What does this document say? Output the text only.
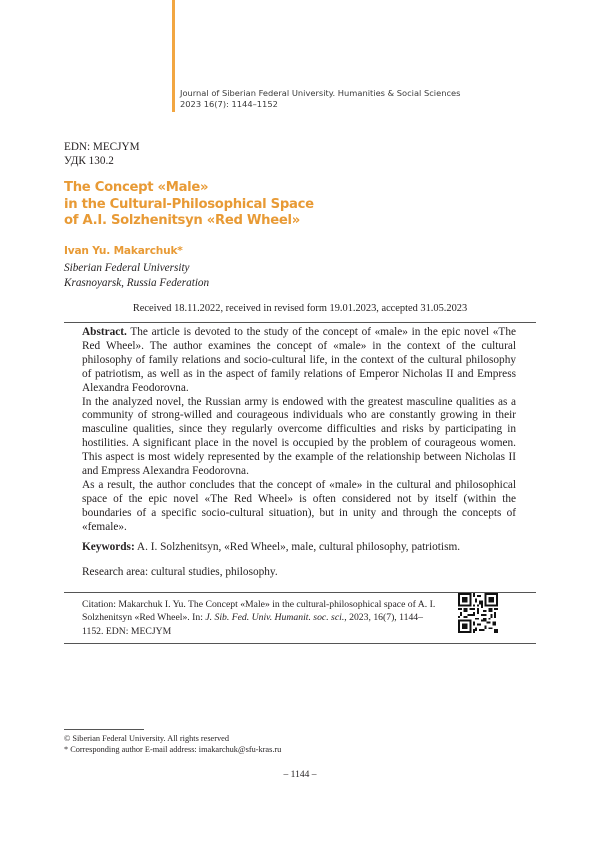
Journal of Siberian Federal University. Humanities & Social Sciences
2023 16(7): 1144–1152
EDN: MECJYM
УДК 130.2
The Concept «Male»
in the Cultural-Philosophical Space
of A.I. Solzhenitsyn «Red Wheel»
Ivan Yu. Makarchuk*
Siberian Federal University
Krasnoyarsk, Russia Federation
Received 18.11.2022, received in revised form 19.01.2023, accepted 31.05.2023

Abstract. The article is devoted to the study of the concept of «male» in the epic novel «The Red Wheel». The author examines the concept of «male» in the context of the cultural philosophy of family relations and socio-cultural life, in the context of the cultural philosophy of patriotism, as well as in the aspect of family relations of Emperor Nicholas II and Empress Alexandra Feodorovna.

In the analyzed novel, the Russian army is endowed with the greatest masculine qualities as a community of strong-willed and courageous individuals who are constantly growing in their masculine qualities, since they regularly overcome difficulties and risks by participating in hostilities. A significant place in the novel is occupied by the problem of courageous women. This aspect is most widely represented by the example of the relationship between Nicholas II and Empress Alexandra Feodorovna.

As a result, the author concludes that the concept of «male» in the cultural and philosophical space of the epic novel «The Red Wheel» is often considered not by itself (within the boundaries of a specific socio-cultural situation), but in unity and through the concepts of «female».

Keywords: A. I. Solzhenitsyn, «Red Wheel», male, cultural philosophy, patriotism.
Research area: cultural studies, philosophy.
Citation: Makarchuk I. Yu. The Concept «Male» in the cultural-philosophical space of A. I. Solzhenitsyn «Red Wheel». In: J. Sib. Fed. Univ. Humanit. soc. sci., 2023, 16(7), 1144–1152. EDN: MECJYM
© Siberian Federal University. All rights reserved
* Corresponding author E-mail address: imakarchuk@sfu-kras.ru
– 1144 –
